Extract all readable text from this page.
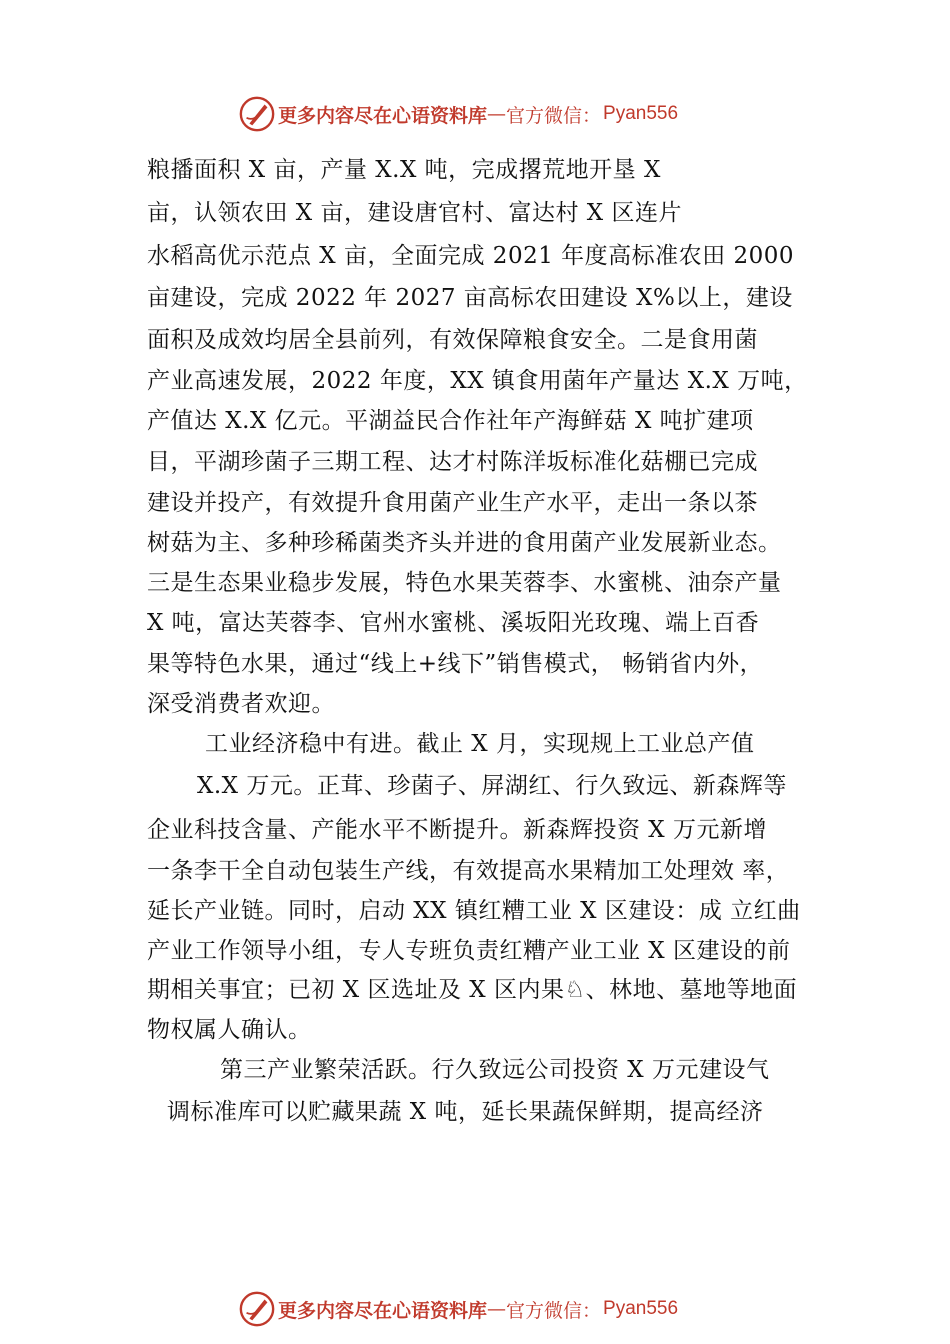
更多内容尽在心语资料库 — 官方微信： Pyan556
粮播面积 X 亩，产量 X.X 吨，完成撂荒地开垦 X
亩，认领农田 X 亩，建设唐官村、富达村 X 区连片
水稻高优示范点 X 亩，全面完成 2021 年度高标准农田 2000
亩建设，完成 2022 年 2027 亩高标农田建设 X%以上，建设
面积及成效均居全县前列，有效保障粮食安全。二是食用菌
产业高速发展，2022 年度，XX 镇食用菌年产量达 X.X 万吨，
产值达 X.X 亿元。平湖益民合作社年产海鲜菇 X 吨扩建项
目，平湖珍菌子三期工程、达才村陈洋坂标准化菇棚已完成
建设并投产，有效提升食用菌产业生产水平，走出一条以茶
树菇为主、多种珍稀菌类齐头并进的食用菌产业发展新业态。
三是生态果业稳步发展，特色水果芙蓉李、水蜜桃、油奈产量
X 吨，富达芙蓉李、官州水蜜桃、溪坂阳光玫瑰、端上百香
果等特色水果，通过“线上+线下”销售模式， 畅销省内外，
深受消费者欢迎。
工业经济稳中有进。截止 X 月，实现规上工业总产值
X.X 万元。正茸、珍菌子、屏湖红、行久致远、新森辉等
企业科技含量、产能水平不断提升。新森辉投资 X 万元新增
一条李干全自动包装生产线，有效提高水果精加工处理效 率，
延长产业链。同时，启动 XX 镇红糟工业 X 区建设：成 立红曲
产业工作领导小组，专人专班负责红糟产业工业 X 区建设的前
期相关事宜；已初 X 区选址及 X 区内果♘、林地、墓地等地面
物权属人确认。
第三产业繁荣活跃。行久致远公司投资 X 万元建设气
调标准库可以贮藏果蔬 X 吨，延长果蔬保鲜期，提高经济
更多内容尽在心语资料库 — 官方微信： Pyan556
